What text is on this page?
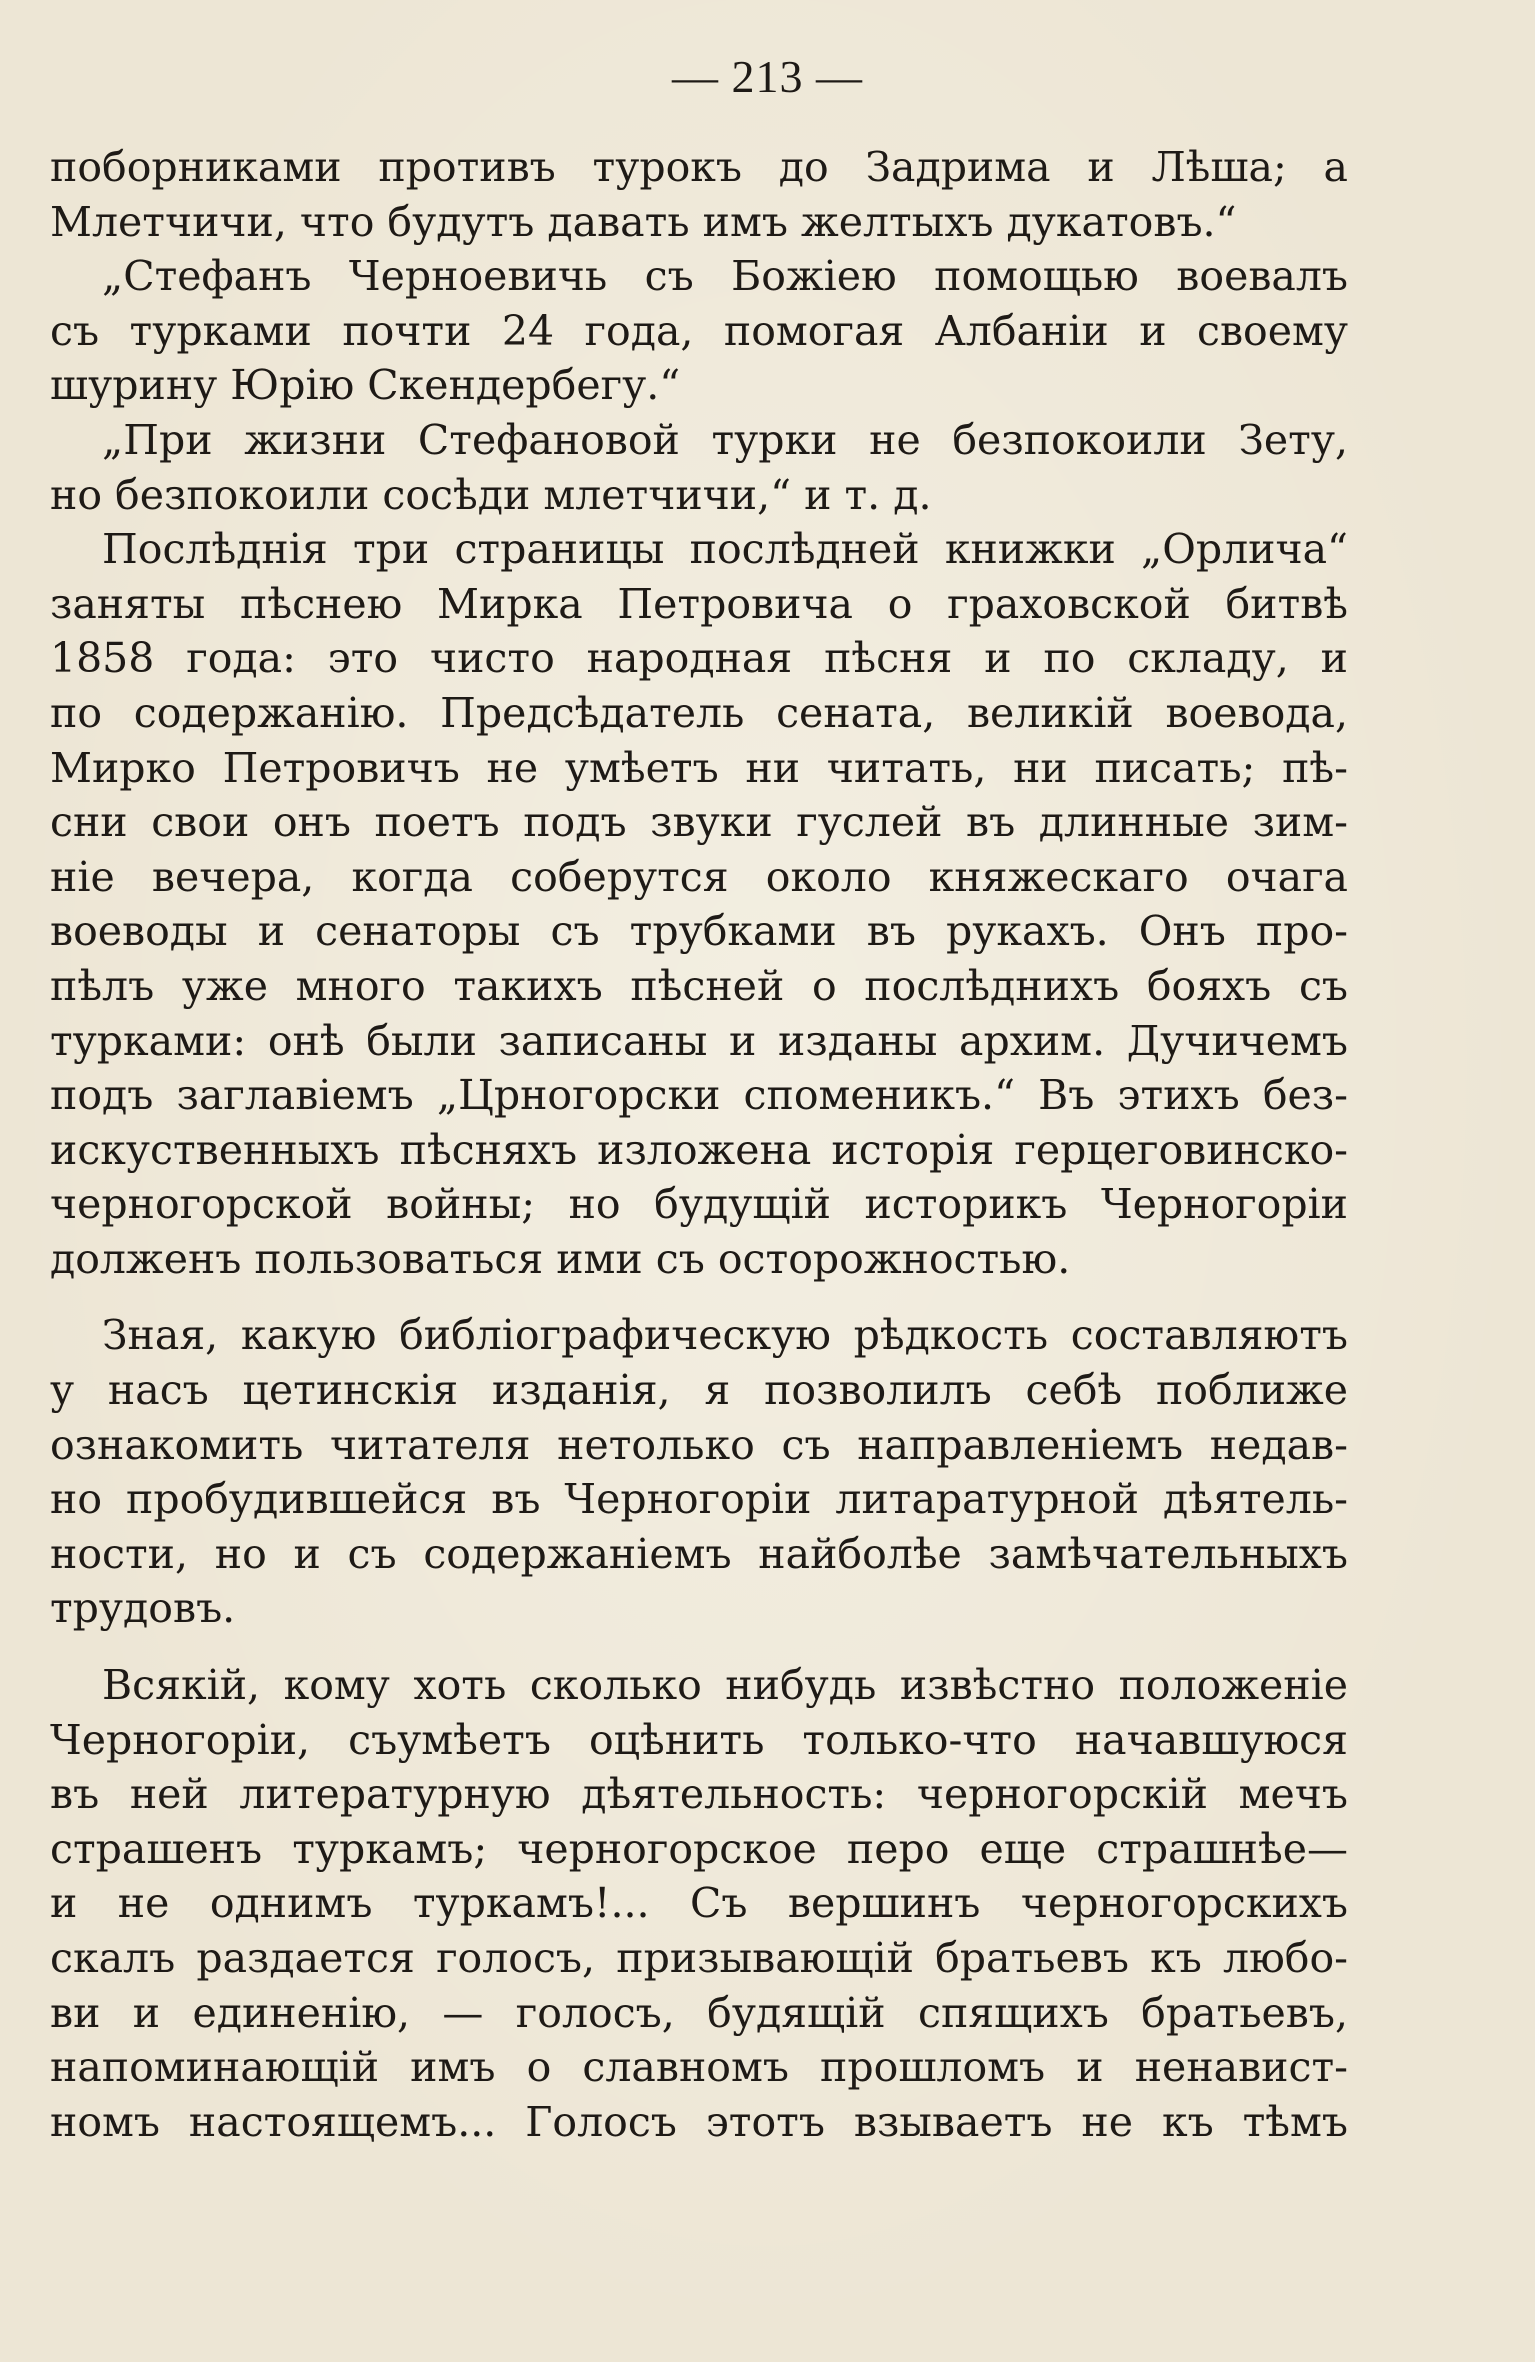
— 213 —
поборниками противъ турокъ до Задрима и Лѣша; а
Млетчичи, что будутъ давать имъ желтыхъ дукатовъ.“
„Стефанъ Черноевичь съ Божіею помощью воевалъ
съ турками почти 24 года, помогая Албаніи и своему
шурину Юрію Скендербегу.“
„При жизни Стефановой турки не безпокоили Зету,
но безпокоили сосѣди млетчичи,“ и т. д.
Послѣднія три страницы послѣдней книжки „Орлича“
заняты пѣснею Мирка Петровича о граховской битвѣ
1858 года: это чисто народная пѣсня и по складу, и
по содержанію. Предсѣдатель сената, великій воевода,
Мирко Петровичъ не умѣетъ ни читать, ни писать; пѣ-
сни свои онъ поетъ подъ звуки гуслей въ длинные зим-
ніе вечера, когда соберутся около княжескаго очага
воеводы и сенаторы съ трубками въ рукахъ. Онъ про-
пѣлъ уже много такихъ пѣсней о послѣднихъ бояхъ съ
турками: онѣ были записаны и изданы архим. Дучичемъ
подъ заглавіемъ „Црногорски споменикъ.“ Въ этихъ без-
искуственныхъ пѣсняхъ изложена исторія герцеговинско-
черногорской войны; но будущій историкъ Черногоріи
долженъ пользоваться ими съ осторожностью.
Зная, какую библіографическую рѣдкость составляютъ
у насъ цетинскія изданія, я позволилъ себѣ поближе
ознакомить читателя нетолько съ направленіемъ недав-
но пробудившейся въ Черногоріи литаратурной дѣятель-
ности, но и съ содержаніемъ найболѣе замѣчательныхъ
трудовъ.
Всякій, кому хоть сколько нибудь извѣстно положеніе
Черногоріи, съумѣетъ оцѣнить только-что начавшуюся
въ ней литературную дѣятельность: черногорскій мечъ
страшенъ туркамъ; черногорское перо еще страшнѣе—
и не однимъ туркамъ!... Съ вершинъ черногорскихъ
скалъ раздается голосъ, призывающій братьевъ къ любо-
ви и единенію, — голосъ, будящій спящихъ братьевъ,
напоминающій имъ о славномъ прошломъ и ненавист-
номъ настоящемъ... Голосъ этотъ взываетъ не къ тѣмъ
